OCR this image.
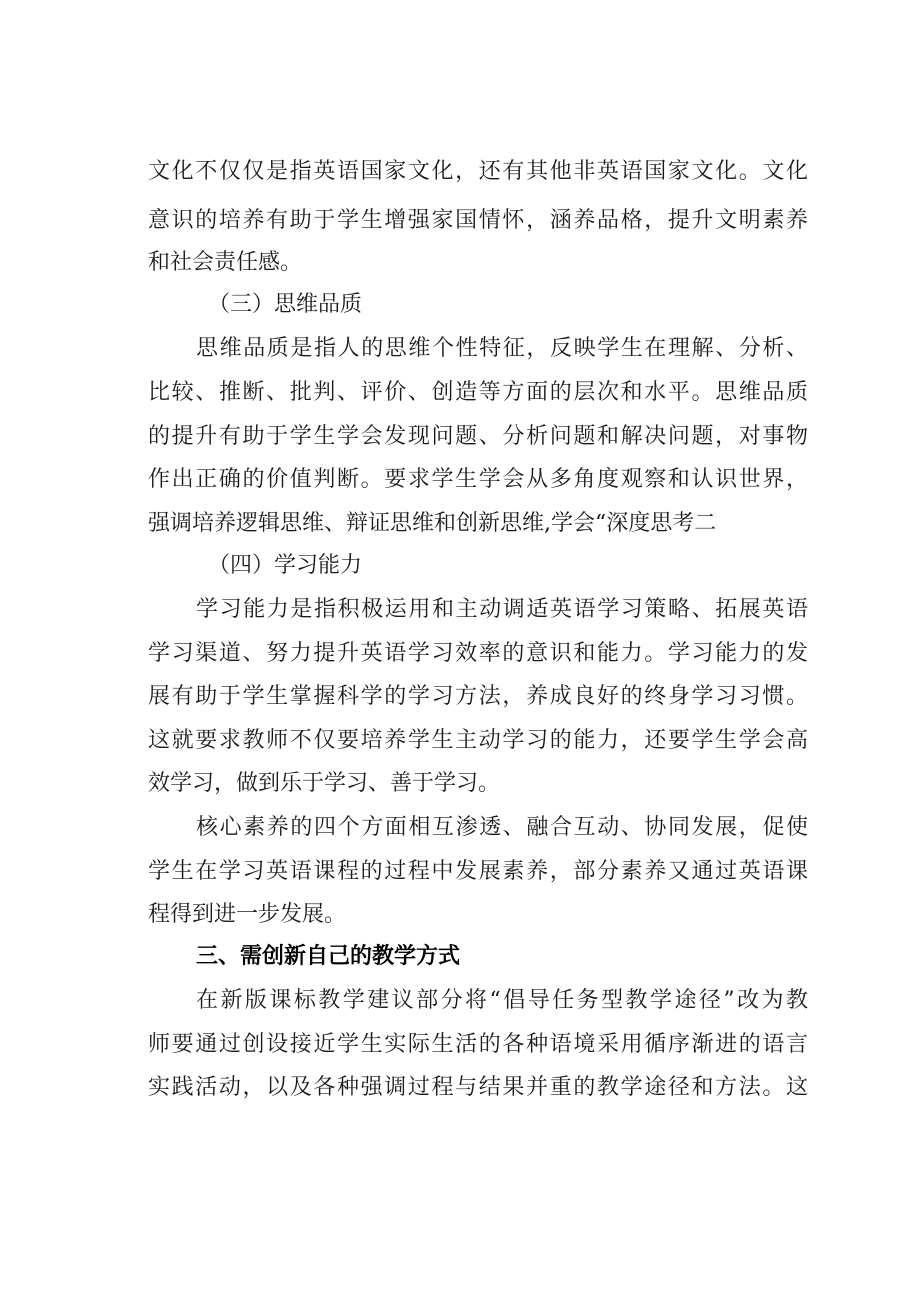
文化不仅仅是指英语国家文化，还有其他非英语国家文化。文化
意识的培养有助于学生增强家国情怀，涵养品格，提升文明素养
和社会责任感。
（三）思维品质
思维品质是指人的思维个性特征，反映学生在理解、分析、
比较、推断、批判、评价、创造等方面的层次和水平。思维品质
的提升有助于学生学会发现问题、分析问题和解决问题，对事物
作出正确的价值判断。要求学生学会从多角度观察和认识世界，
强调培养逻辑思维、辩证思维和创新思维,学会“深度思考二
（四）学习能力
学习能力是指积极运用和主动调适英语学习策略、拓展英语
学习渠道、努力提升英语学习效率的意识和能力。学习能力的发
展有助于学生掌握科学的学习方法，养成良好的终身学习习惯。
这就要求教师不仅要培养学生主动学习的能力，还要学生学会高
效学习，做到乐于学习、善于学习。
核心素养的四个方面相互渗透、融合互动、协同发展，促使
学生在学习英语课程的过程中发展素养，部分素养又通过英语课
程得到进一步发展。
三、需创新自己的教学方式
在新版课标教学建议部分将“倡导任务型教学途径”改为教
师要通过创设接近学生实际生活的各种语境采用循序渐进的语言
实践活动，以及各种强调过程与结果并重的教学途径和方法。这
